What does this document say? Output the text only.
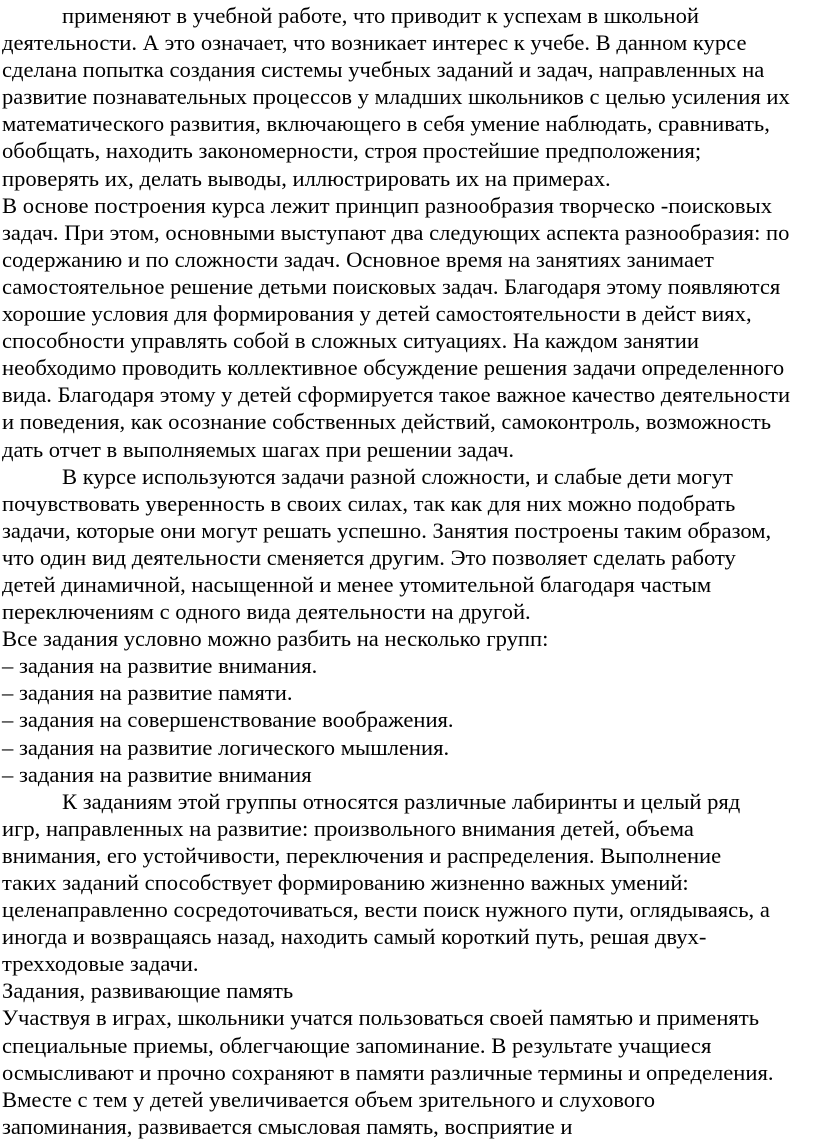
применяют в учебной работе, что приводит к успехам в школьной
деятельности. А это означает, что возникает интерес к учебе. В данном курсе
сделана попытка создания системы учебных заданий и задач, направленных на
развитие познавательных процессов у младших школьников с целью усиления их
математического развития, включающего в себя умение наблюдать, сравнивать,
обобщать, находить закономерности, строя простейшие предположения;
проверять их, делать выводы, иллюстрировать их на примерах.
В основе построения курса лежит принцип разнообразия творческо -поисковых
задач. При этом, основными выступают два следующих аспекта разнообразия: по
содержанию и по сложности задач. Основное время на занятиях занимает
самостоятельное решение детьми поисковых задач. Благодаря этому появляются
хорошие условия для формирования у детей самостоятельности в дейст виях,
способности управлять собой в сложных ситуациях. На каждом занятии
необходимо проводить коллективное обсуждение решения задачи определенного
вида. Благодаря этому у детей сформируется такое важное качество деятельности
и поведения, как осознание собственных действий, самоконтроль, возможность
дать отчет в выполняемых шагах при решении задач.
В курсе используются задачи разной сложности, и слабые дети могут
почувствовать уверенность в своих силах, так как для них можно подобрать
задачи, которые они могут решать успешно. Занятия построены таким образом,
что один вид деятельности сменяется другим. Это позволяет сделать работу
детей динамичной, насыщенной и менее утомительной благодаря частым
переключениям с одного вида деятельности на другой.
Все задания условно можно разбить на несколько групп:
– задания на развитие внимания.
– задания на развитие памяти.
– задания на совершенствование воображения.
– задания на развитие логического мышления.
– задания на развитие внимания
К заданиям этой группы относятся различные лабиринты и целый ряд
игр, направленных на развитие: произвольного внимания детей, объема
внимания, его устойчивости, переключения и распределения. Выполнение
таких заданий способствует формированию жизненно важных умений:
целенаправленно сосредоточиваться, вести поиск нужного пути, оглядываясь, а
иногда и возвращаясь назад, находить самый короткий путь, решая двух-
трехходовые задачи.
Задания, развивающие память
Участвуя в играх, школьники учатся пользоваться своей памятью и применять
специальные приемы, облегчающие запоминание. В результате учащиеся
осмысливают и прочно сохраняют в памяти различные термины и определения.
Вместе с тем у детей увеличивается объем зрительного и слухового
запоминания, развивается смысловая память, восприятие и
